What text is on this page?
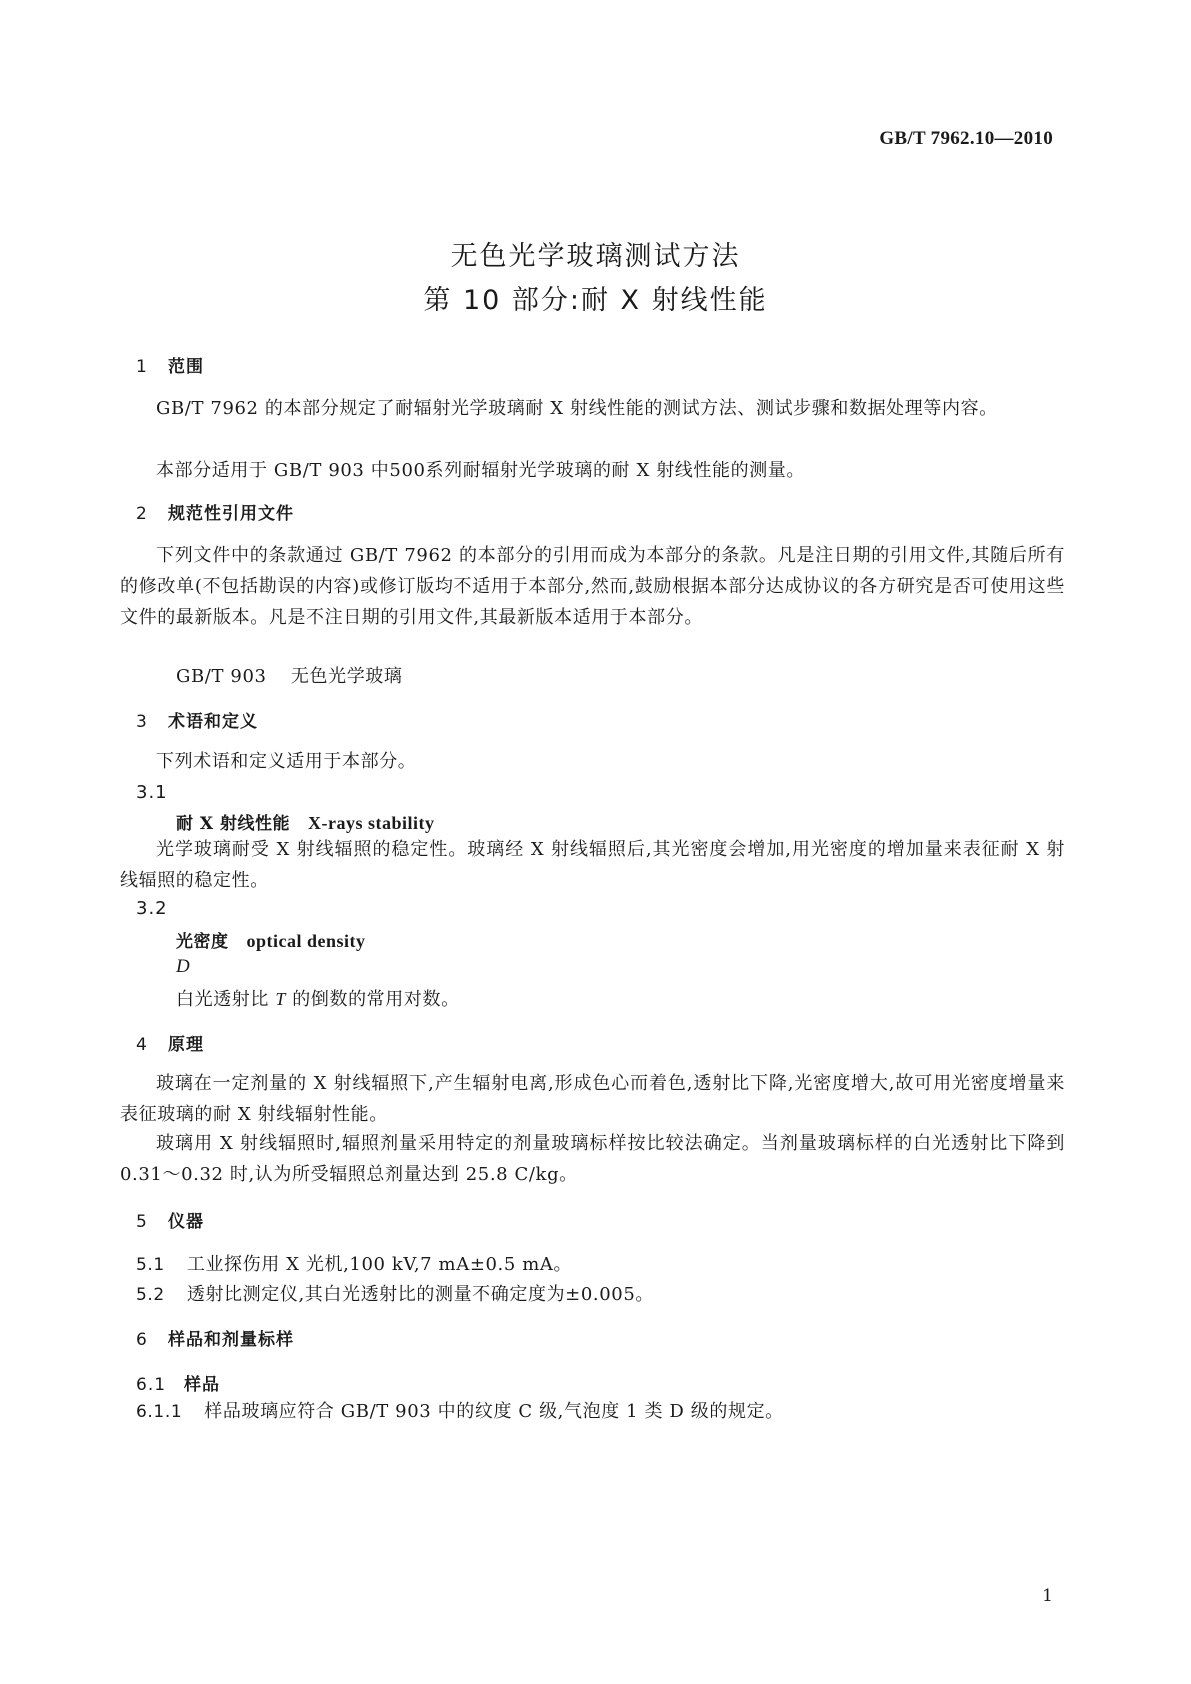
GB/T 7962.10—2010
无色光学玻璃测试方法
第 10 部分:耐 X 射线性能
1 范围
GB/T 7962 的本部分规定了耐辐射光学玻璃耐 X 射线性能的测试方法、测试步骤和数据处理等内容。
本部分适用于 GB/T 903 中500系列耐辐射光学玻璃的耐 X 射线性能的测量。
2 规范性引用文件
下列文件中的条款通过 GB/T 7962 的本部分的引用而成为本部分的条款。凡是注日期的引用文件,其随后所有的修改单(不包括勘误的内容)或修订版均不适用于本部分,然而,鼓励根据本部分达成协议的各方研究是否可使用这些文件的最新版本。凡是不注日期的引用文件,其最新版本适用于本部分。
GB/T 903 无色光学玻璃
3 术语和定义
下列术语和定义适用于本部分。
3.1
耐 X 射线性能 X-rays stability
光学玻璃耐受 X 射线辐照的稳定性。玻璃经 X 射线辐照后,其光密度会增加,用光密度的增加量来表征耐 X 射线辐照的稳定性。
3.2
光密度 optical density
D
白光透射比 T 的倒数的常用对数。
4 原理
玻璃在一定剂量的 X 射线辐照下,产生辐射电离,形成色心而着色,透射比下降,光密度增大,故可用光密度增量来表征玻璃的耐 X 射线辐射性能。
玻璃用 X 射线辐照时,辐照剂量采用特定的剂量玻璃标样按比较法确定。当剂量玻璃标样的白光透射比下降到 0.31～0.32 时,认为所受辐照总剂量达到 25.8 C/kg。
5 仪器
5.1 工业探伤用 X 光机,100 kV,7 mA±0.5 mA。
5.2 透射比测定仪,其白光透射比的测量不确定度为±0.005。
6 样品和剂量标样
6.1 样品
6.1.1 样品玻璃应符合 GB/T 903 中的纹度 C 级,气泡度 1 类 D 级的规定。
1
